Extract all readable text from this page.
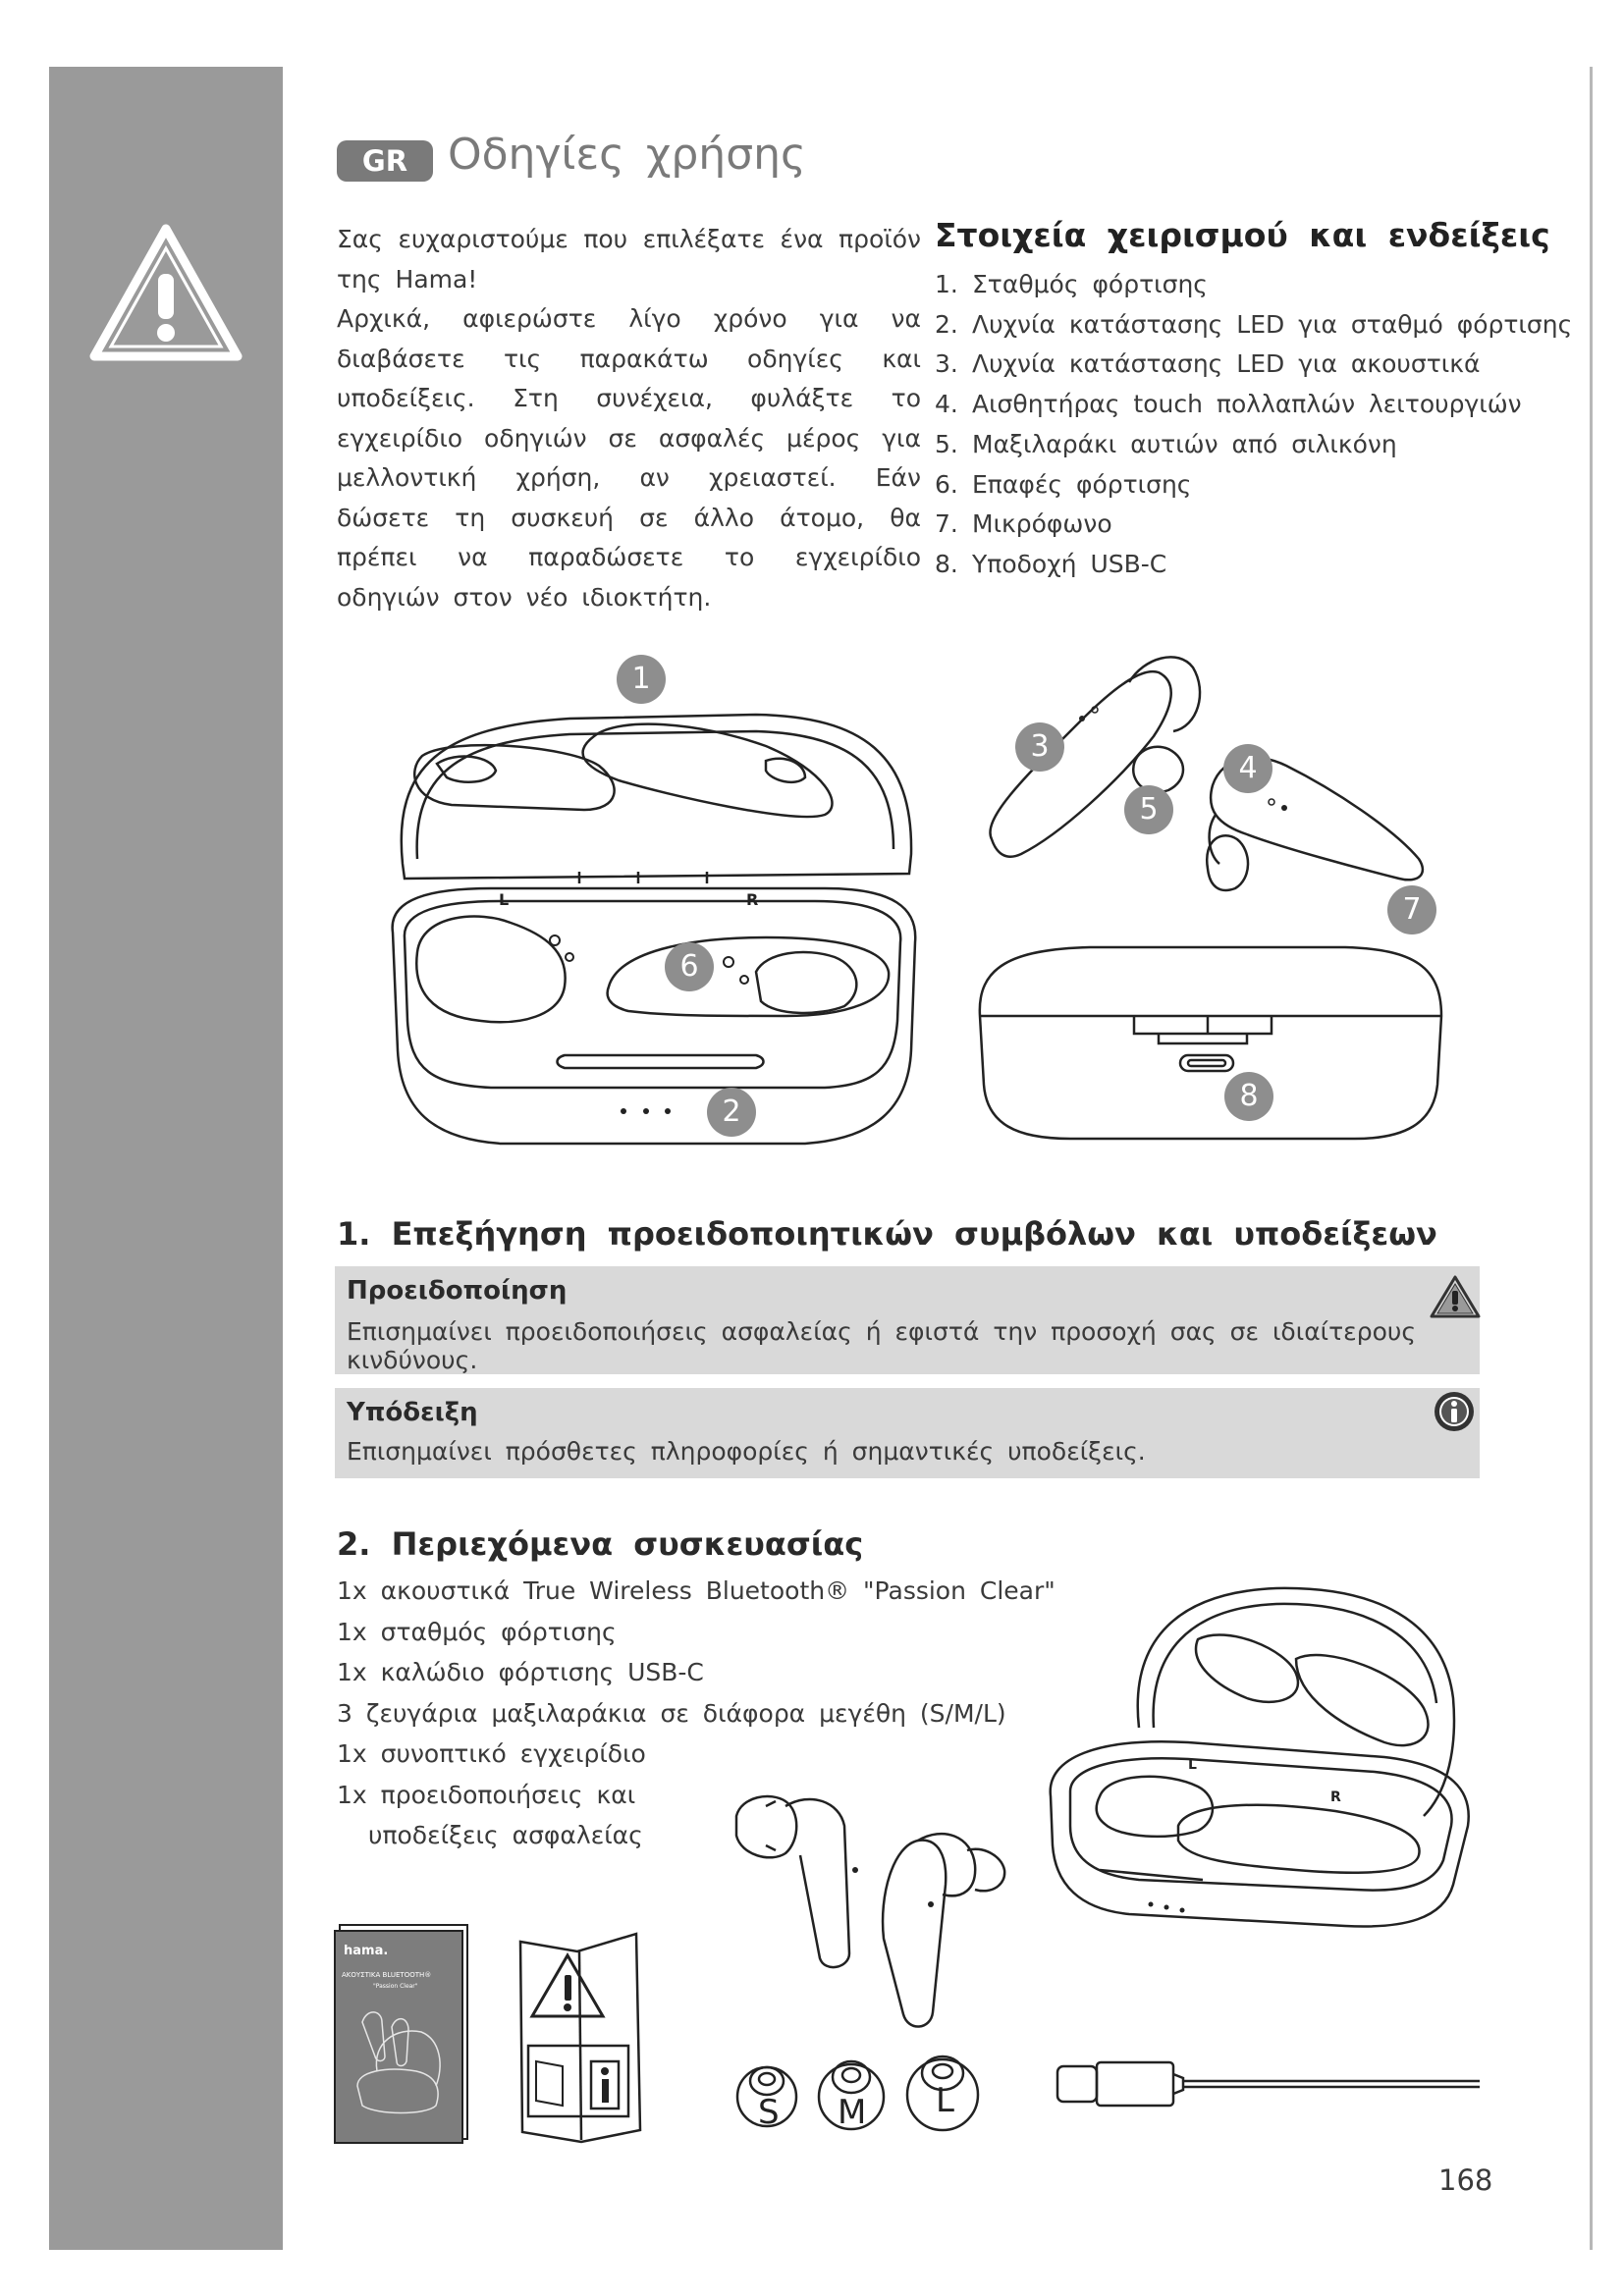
GR Οδηγίες χρήσης

Σας ευχαριστούμε που επιλέξατε ένα προϊόν της Hama!

Αρχικά, αφιερώστε λίγο χρόνο για να διαβάσετε τις παρακάτω οδηγίες και υποδείξεις. Στη συνέχεια, φυλάξτε το εγχειρίδιο οδηγιών σε ασφαλές μέρος για μελλοντική χρήση, αν χρειαστεί. Εάν δώσετε τη συσκευή σε άλλο άτομο, θα πρέπει να παραδώσετε το εγχειρίδιο οδηγιών στον νέο ιδιοκτήτη.

Στοιχεία χειρισμού και ενδείξεις
1. Σταθμός φόρτισης
2. Λυχνία κατάστασης LED για σταθμό φόρτισης
3. Λυχνία κατάστασης LED για ακουστικά
4. Αισθητήρας touch πολλαπλών λειτουργιών
5. Μαξιλαράκι αυτιών από σιλικόνη
6. Επαφές φόρτισης
7. Μικρόφωνο
8. Υποδοχή USB-C
L	R
1
2
6
3
4
5
7
8
1. Επεξήγηση προειδοποιητικών συμβόλων και υποδείξεων
Προειδοποίηση
Επισημαίνει προειδοποιήσεις ασφαλείας ή εφιστά την προσοχή σας σε ιδιαίτερους κινδύνους.
Υπόδειξη
Επισημαίνει πρόσθετες πληροφορίες ή σημαντικές υποδείξεις.
2. Περιεχόμενα συσκευασίας
1x ακουστικά True Wireless Bluetooth® "Passion Clear"
1x σταθμός φόρτισης
1x καλώδιο φόρτισης USB-C
3 ζευγάρια μαξιλαράκια σε διάφορα μεγέθη (S/M/L)
1x συνοπτικό εγχειρίδιο
1x προειδοποιήσεις και
υποδείξεις ασφαλείας
L
R
hama.
ΑΚΟΥΣΤΙΚΑ BLUETOOTH®
"Passion Clear"
S M L
168
